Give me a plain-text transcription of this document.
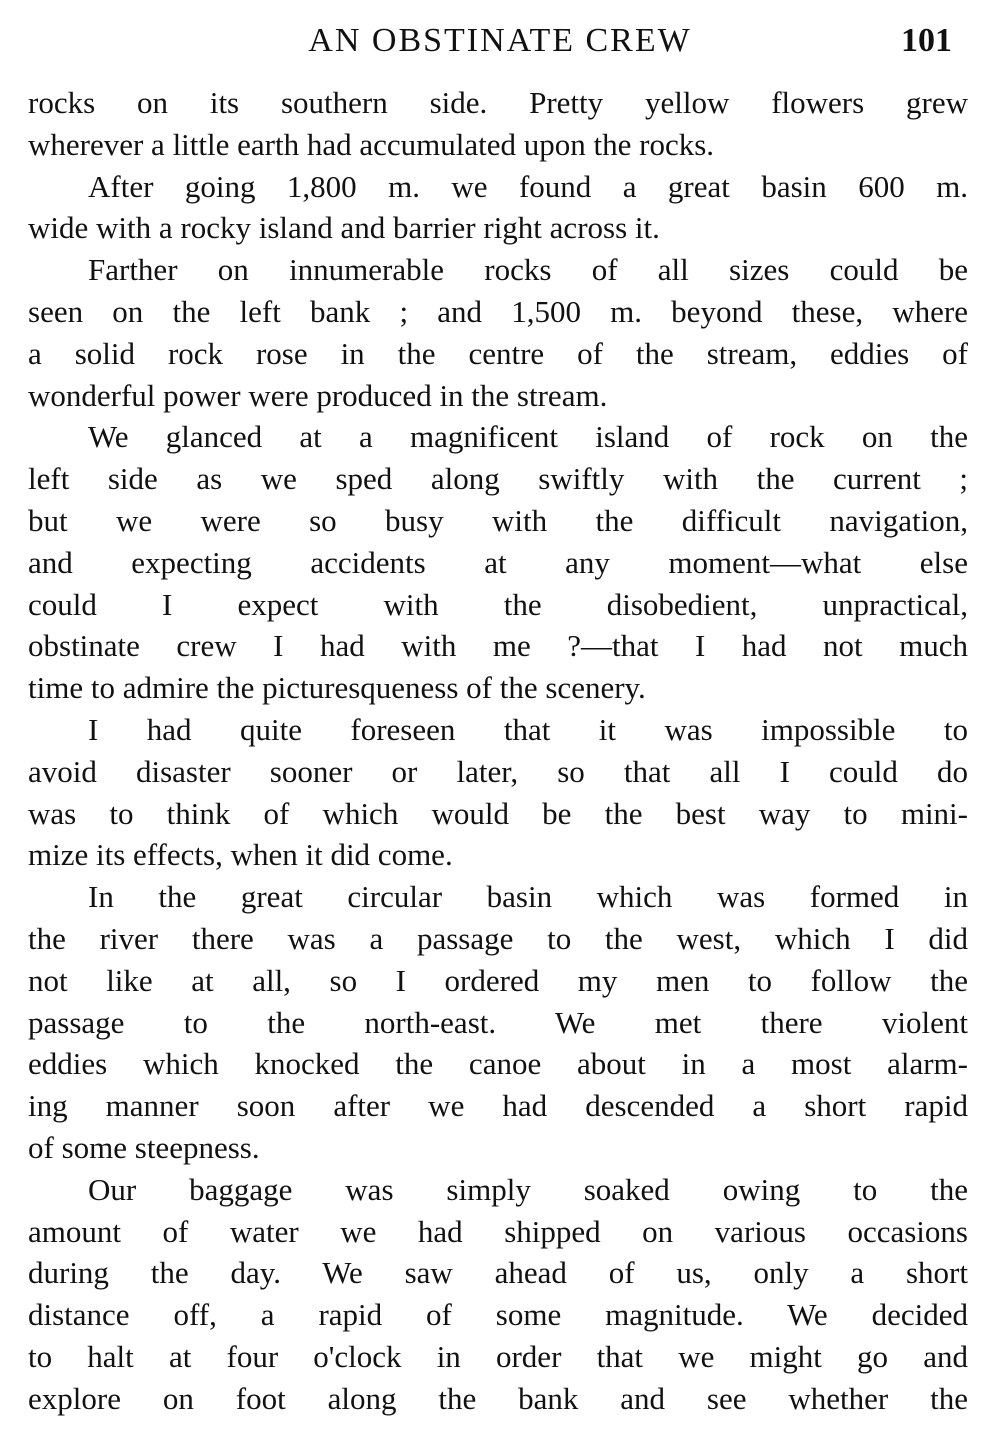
AN OBSTINATE CREW	101

rocks on its southern side. Pretty yellow flowers grew
wherever a little earth had accumulated upon the rocks.

After going 1,800 m. we found a great basin 600 m.
wide with a rocky island and barrier right across it.

Farther on innumerable rocks of all sizes could be
seen on the left bank ; and 1,500 m. beyond these, where
a solid rock rose in the centre of the stream, eddies of
wonderful power were produced in the stream.

We glanced at a magnificent island of rock on the
left side as we sped along swiftly with the current ;
but we were so busy with the difficult navigation,
and expecting accidents at any moment—what else
could I expect with the disobedient, unpractical,
obstinate crew I had with me ?—that I had not much
time to admire the picturesqueness of the scenery.

I had quite foreseen that it was impossible to
avoid disaster sooner or later, so that all I could do
was to think of which would be the best way to mini-
mize its effects, when it did come.

In the great circular basin which was formed in
the river there was a passage to the west, which I did
not like at all, so I ordered my men to follow the
passage to the north-east. We met there violent
eddies which knocked the canoe about in a most alarm-
ing manner soon after we had descended a short rapid
of some steepness.

Our baggage was simply soaked owing to the
amount of water we had shipped on various occasions
during the day. We saw ahead of us, only a short
distance off, a rapid of some magnitude. We decided
to halt at four o'clock in order that we might go and
explore on foot along the bank and see whether the
